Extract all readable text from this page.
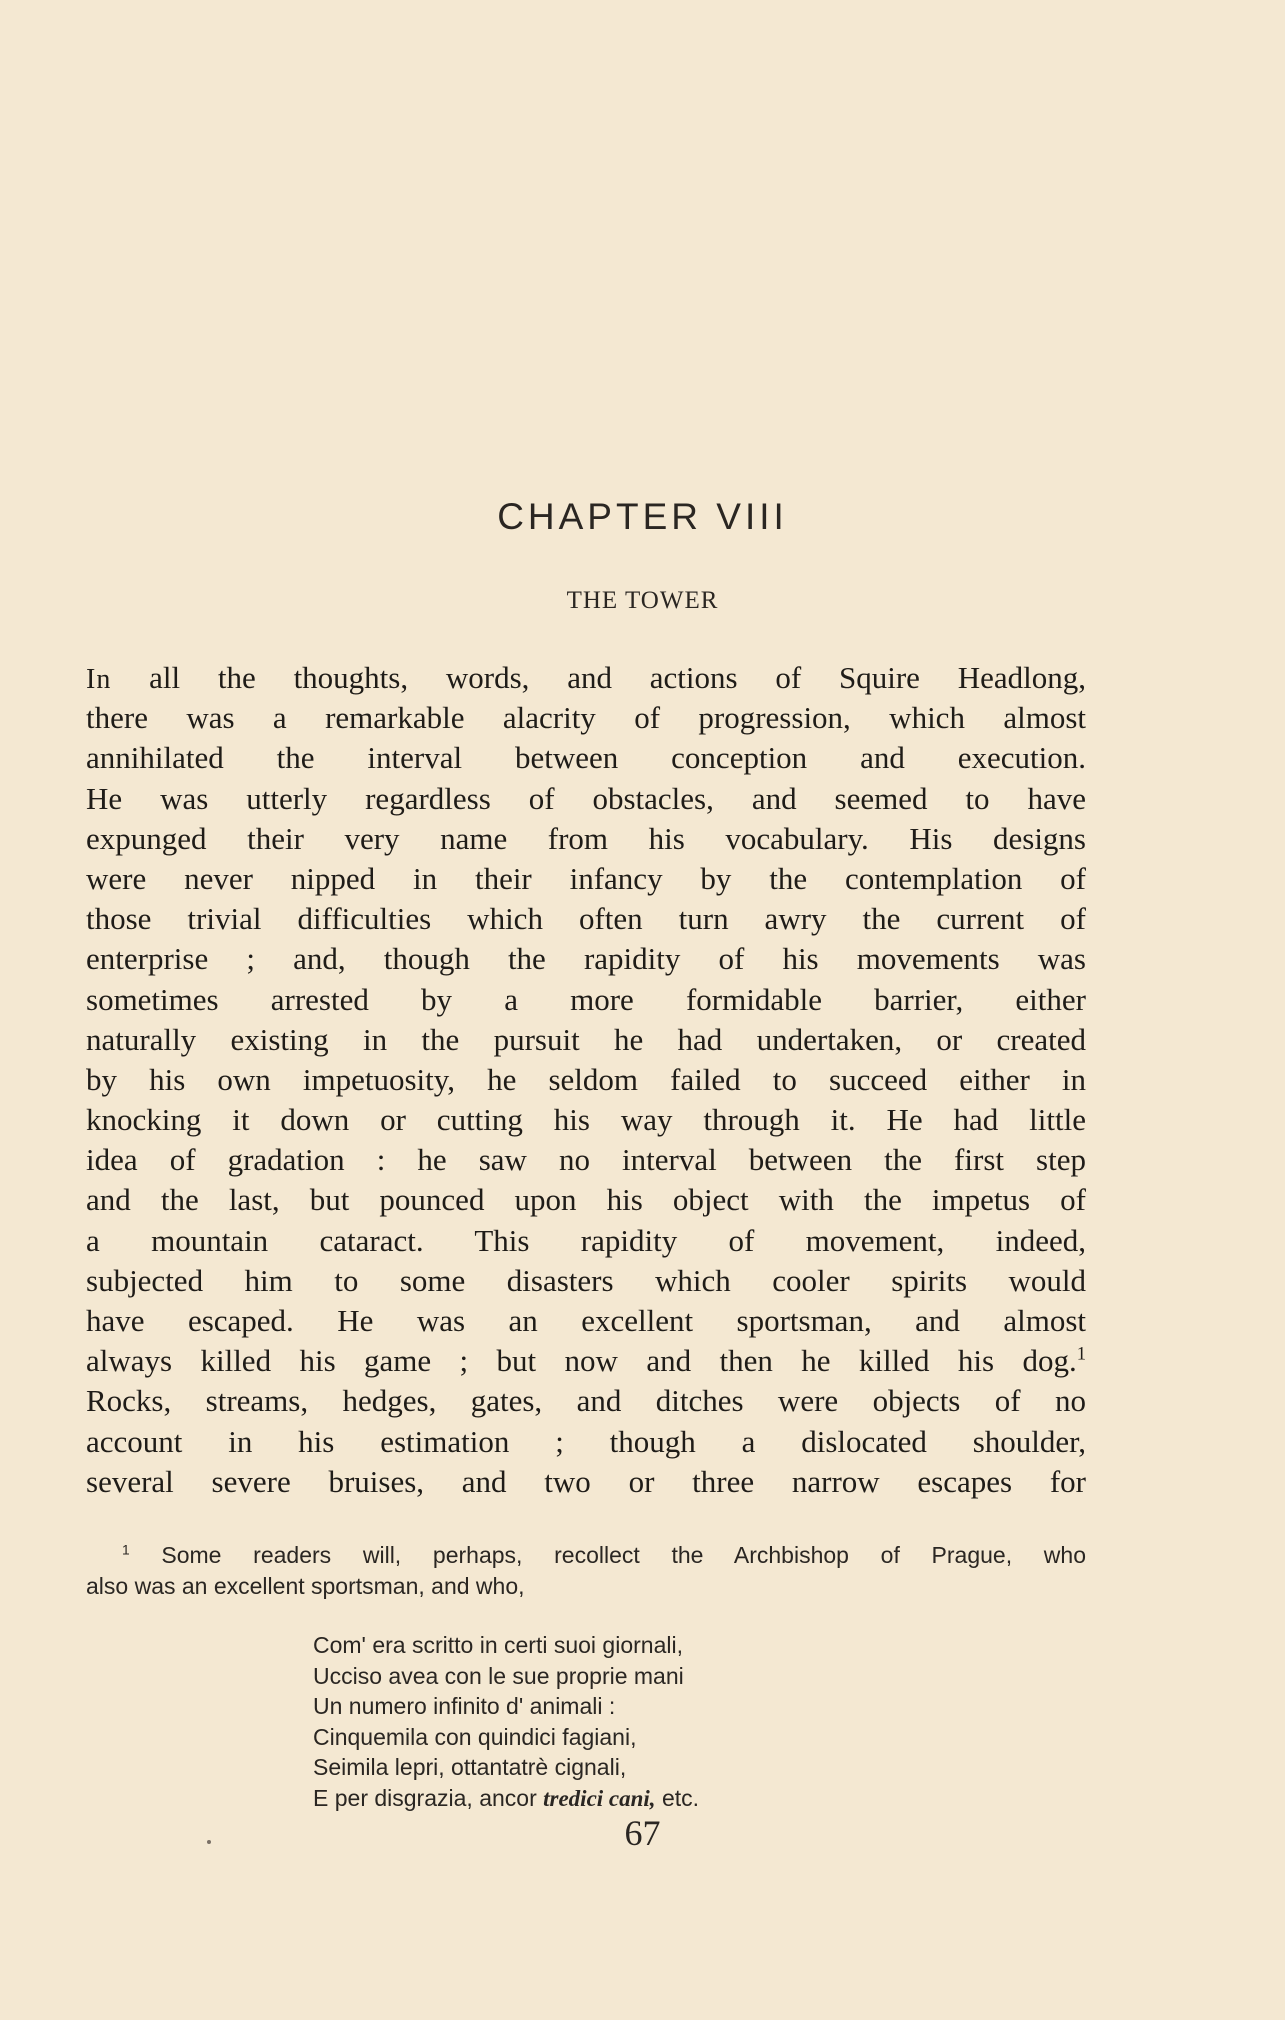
CHAPTER VIII
THE TOWER
In all the thoughts, words, and actions of Squire Headlong,
there was a remarkable alacrity of progression, which almost
annihilated the interval between conception and execution.
He was utterly regardless of obstacles, and seemed to have
expunged their very name from his vocabulary. His designs
were never nipped in their infancy by the contemplation of
those trivial difficulties which often turn awry the current of
enterprise ; and, though the rapidity of his movements was
sometimes arrested by a more formidable barrier, either
naturally existing in the pursuit he had undertaken, or created
by his own impetuosity, he seldom failed to succeed either in
knocking it down or cutting his way through it. He had little
idea of gradation : he saw no interval between the first step
and the last, but pounced upon his object with the impetus of
a mountain cataract. This rapidity of movement, indeed,
subjected him to some disasters which cooler spirits would
have escaped. He was an excellent sportsman, and almost
always killed his game ; but now and then he killed his dog.$^1$
Rocks, streams, hedges, gates, and ditches were objects of no
account in his estimation ; though a dislocated shoulder,
several severe bruises, and two or three narrow escapes for
$^1$ Some readers will, perhaps, recollect the Archbishop of Prague, who
also was an excellent sportsman, and who,
Com' era scritto in certi suoi giornali,
Ucciso avea con le sue proprie mani
Un numero infinito d' animali :
Cinquemila con quindici fagiani,
Seimila lepri, ottantatrè cignali,
E per disgrazia, ancor tredici cani, etc.
67
